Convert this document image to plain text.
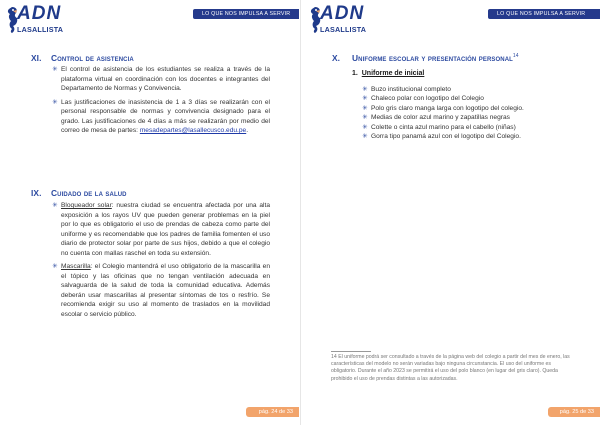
ADN
LASALLISTA
LO QUE NOS IMPULSA A SERVIR
XI. Control de asistencia
✳ El control de asistencia de los estudiantes se realiza a través de la plataforma virtual en coordinación con los docentes e integrantes del Departamento de Normas y Convivencia.
✳ Las justificaciones de inasistencia de 1 a 3 días se realizarán con el personal responsable de normas y convivencia designado para el grado. Las justificaciones de 4 días a más se realizarán por medio del correo de mesa de partes: mesadepartes@lasallecusco.edu.pe.
IX. Cuidado de la salud
✳ Bloqueador solar: nuestra ciudad se encuentra afectada por una alta exposición a los rayos UV que pueden generar problemas en la piel por lo que es obligatorio el uso de prendas de cabeza como parte del uniforme y es recomendable que los padres de familia fomenten el uso diario de protector solar por parte de sus hijos, debido a que el colegio no cuenta con mallas raschel en toda su extensión.
✳ Mascarilla: el Colegio mantendrá el uso obligatorio de la mascarilla en el tópico y las oficinas que no tengan ventilación adecuada en salvaguarda de la salud de toda la comunidad educativa. Además deberán usar mascarillas al presentar síntomas de tos o resfrío. Se recomienda exigir su uso al momento de traslados en la movilidad escolar o servicio público.
pág. 24 de 33
ADN
LASALLISTA
LO QUE NOS IMPULSA A SERVIR
X. Uniforme escolar y presentación personal$^{14}$
1. Uniforme de inicial
✳ Buzo institucional completo
✳ Chaleco polar con logotipo del Colegio
✳ Polo gris claro manga larga con logotipo del colegio.
✳ Medias de color azul marino y zapatillas negras
✳ Colette o cinta azul marino para el cabello (niñas)
✳ Gorra tipo panamá azul con el logotipo del Colegio.
pág. 25 de 33
14 El uniforme podrá ser consultado a través de la página web del colegio a partir del mes de enero, las características del modelo no serán variadas bajo ninguna circunstancia. El uso del uniforme es obligatorio. Durante el año 2023 se permitirá el uso del polo blanco (en lugar del gris claro). Queda prohibido el uso de prendas distintas a las autorizadas.
